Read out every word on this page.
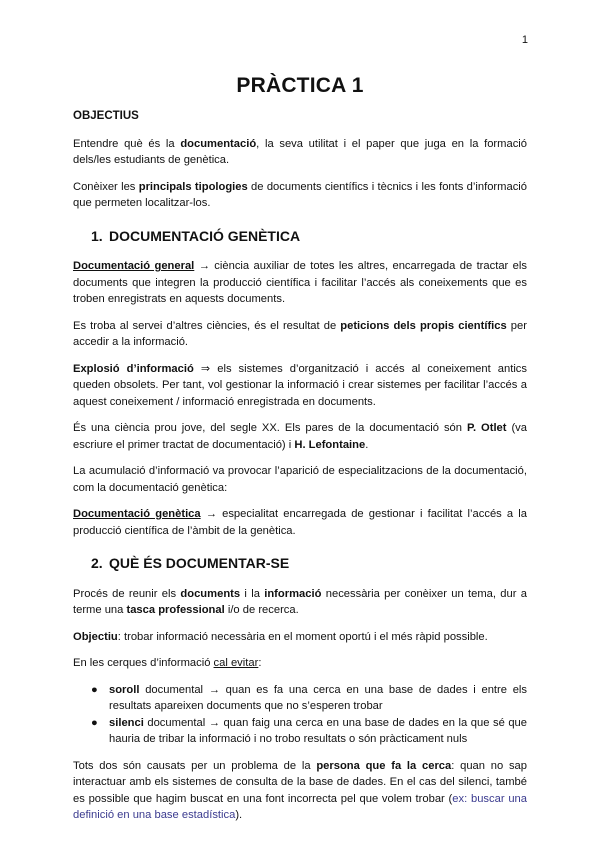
1
PRÀCTICA 1
OBJECTIUS

Entendre què és la documentació, la seva utilitat i el paper que juga en la formació dels/les estudiants de genètica.

Conèixer les principals tipologies de documents científics i tècnics i les fonts d’informació que permeten localitzar-los.

1. DOCUMENTACIÓ GENÈTICA

Documentació general → ciència auxiliar de totes les altres, encarregada de tractar els documents que integren la producció científica i facilitar l’accés als coneixements que es troben enregistrats en aquests documents.

Es troba al servei d’altres ciències, és el resultat de peticions dels propis científics per accedir a la informació.

Explosió d’informació ⇒ els sistemes d’organització i accés al coneixement antics queden obsolets. Per tant, vol gestionar la informació i crear sistemes per facilitar l’accés a aquest coneixement / informació enregistrada en documents.

És una ciència prou jove, del segle XX. Els pares de la documentació són P. Otlet (va escriure el primer tractat de documentació) i H. Lefontaine.

La acumulació d’informació va provocar l’aparició de especialitzacions de la documentació, com la documentació genètica:

Documentació genètica → especialitat encarregada de gestionar i facilitat l’accés a la producció científica de l’àmbit de la genètica.

2. QUÈ ÉS DOCUMENTAR-SE

Procés de reunir els documents i la informació necessària per conèixer un tema, dur a terme una tasca professional i/o de recerca.

Objectiu: trobar informació necessària en el moment oportú i el més ràpid possible.

En les cerques d’informació cal evitar:

● soroll documental → quan es fa una cerca en una base de dades i entre els resultats apareixen documents que no s’esperen trobar
● silenci documental → quan faig una cerca en una base de dades en la que sé que hauria de tribar la informació i no trobo resultats o són pràcticament nuls

Tots dos són causats per un problema de la persona que fa la cerca: quan no sap interactuar amb els sistemes de consulta de la base de dades. En el cas del silenci, també es possible que hagim buscat en una font incorrecta pel que volem trobar (ex: buscar una definició en una base estadística).
